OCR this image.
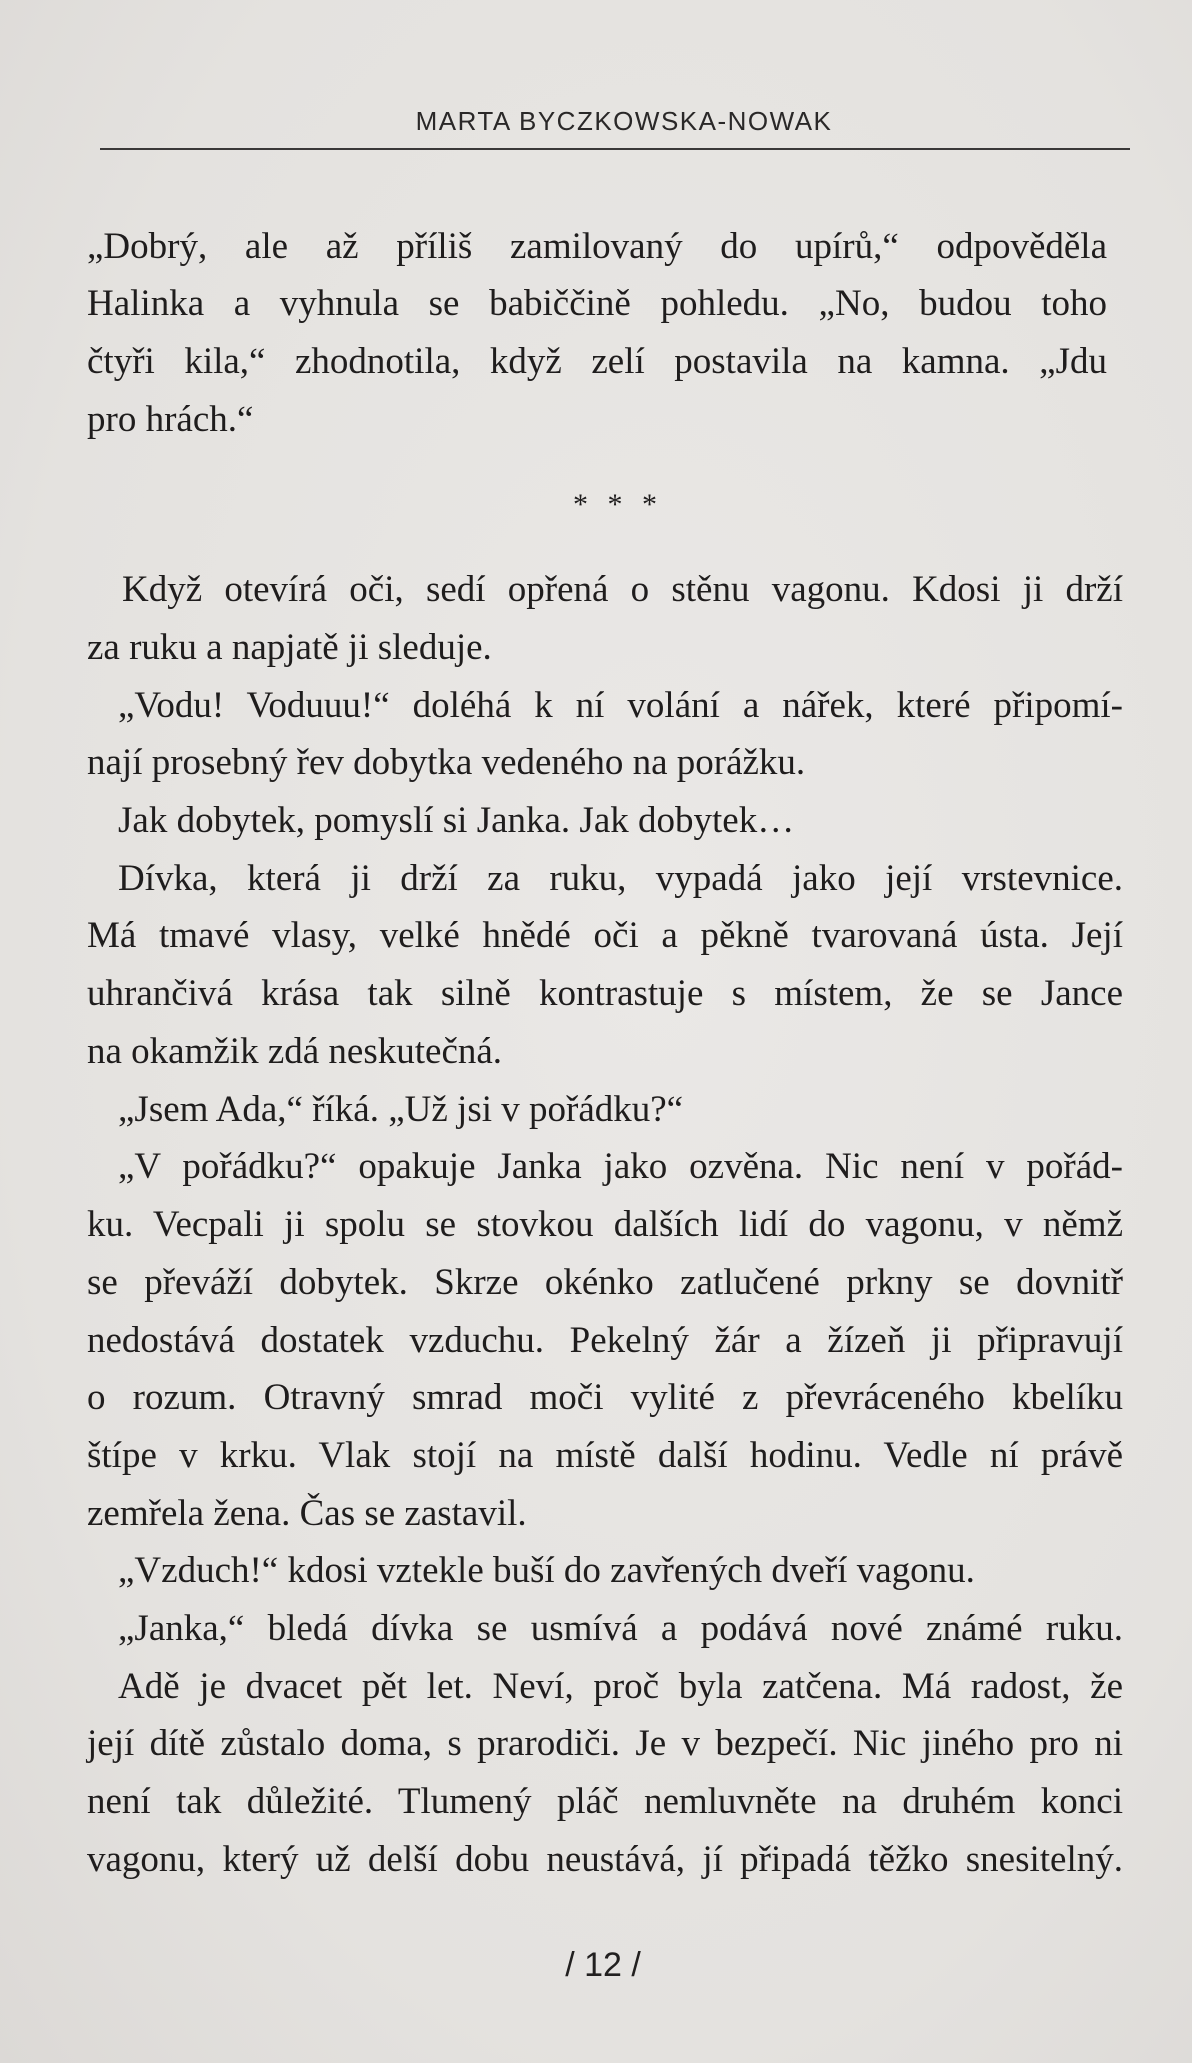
MARTA BYCZKOWSKA-NOWAK
„Dobrý, ale až příliš zamilovaný do upírů,“ odpověděla
Halinka a vyhnula se babiččině pohledu. „No, budou toho
čtyři kila,“ zhodnotila, když zelí postavila na kamna. „Jdu
pro hrách.“
* * *
Když otevírá oči, sedí opřená o stěnu vagonu. Kdosi ji drží
za ruku a napjatě ji sleduje.
„Vodu! Voduuu!“ doléhá k ní volání a nářek, které připomí-
nají prosebný řev dobytka vedeného na porážku.
Jak dobytek, pomyslí si Janka. Jak dobytek…
Dívka, která ji drží za ruku, vypadá jako její vrstevnice.
Má tmavé vlasy, velké hnědé oči a pěkně tvarovaná ústa. Její
uhrančivá krása tak silně kontrastuje s místem, že se Jance
na okamžik zdá neskutečná.
„Jsem Ada,“ říká. „Už jsi v pořádku?“
„V pořádku?“ opakuje Janka jako ozvěna. Nic není v pořád-
ku. Vecpali ji spolu se stovkou dalších lidí do vagonu, v němž
se převáží dobytek. Skrze okénko zatlučené prkny se dovnitř
nedostává dostatek vzduchu. Pekelný žár a žízeň ji připravují
o rozum. Otravný smrad moči vylité z převráceného kbelíku
štípe v krku. Vlak stojí na místě další hodinu. Vedle ní právě
zemřela žena. Čas se zastavil.
„Vzduch!“ kdosi vztekle buší do zavřených dveří vagonu.
„Janka,“ bledá dívka se usmívá a podává nové známé ruku.
Adě je dvacet pět let. Neví, proč byla zatčena. Má radost, že
její dítě zůstalo doma, s prarodiči. Je v bezpečí. Nic jiného pro ni
není tak důležité. Tlumený pláč nemluvněte na druhém konci
vagonu, který už delší dobu neustává, jí připadá těžko snesitelný.
/ 12 /
